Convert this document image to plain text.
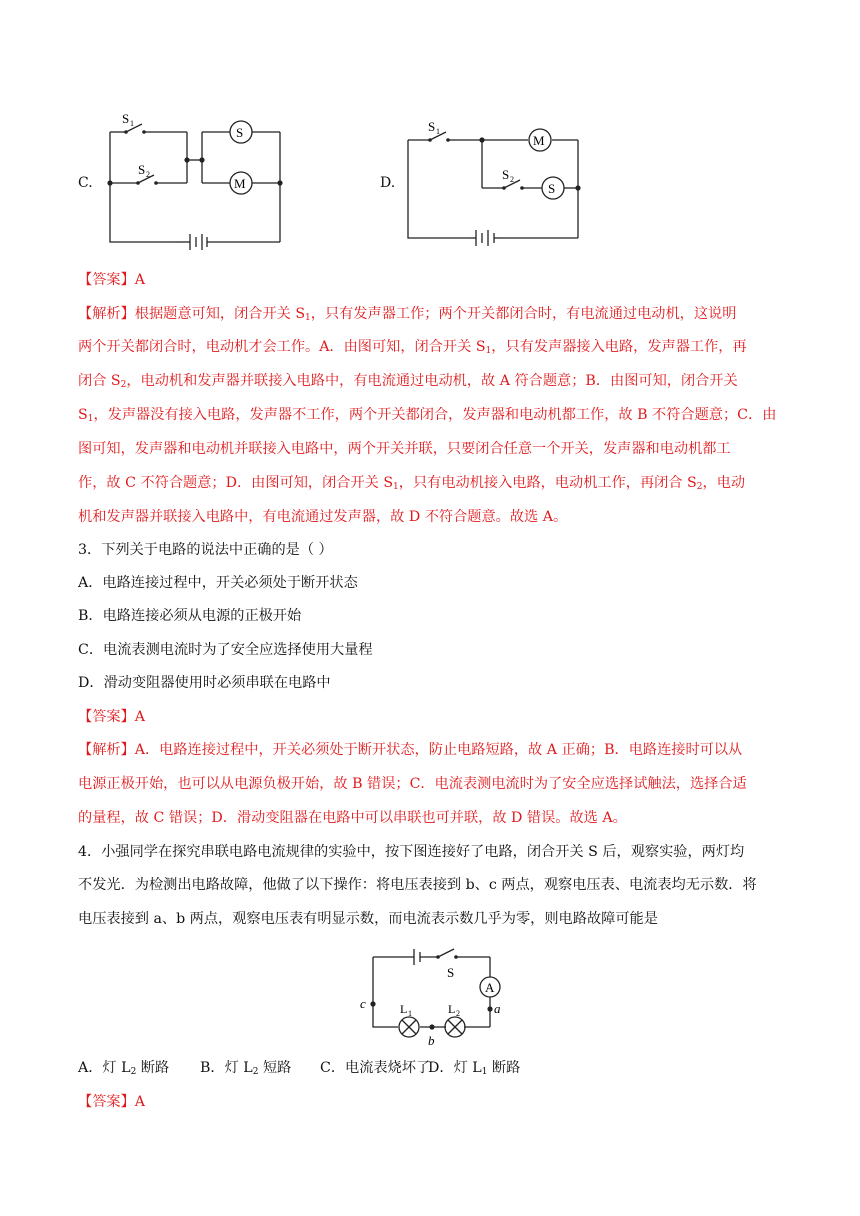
C.
S 1
S 2
S
M	D.
S 1
S 2
M
S
【答案】A
【解析】根据题意可知，闭合开关 $S_1$，只有发声器工作；两个开关都闭合时，有电流通过电动机，这说明
两个开关都闭合时，电动机才会工作。A．由图可知，闭合开关 $S_1$，只有发声器接入电路，发声器工作，再
闭合 $S_2$，电动机和发声器并联接入电路中，有电流通过电动机，故 A 符合题意；B．由图可知，闭合开关
$S_1$，发声器没有接入电路，发声器不工作，两个开关都闭合，发声器和电动机都工作，故 B 不符合题意；C．由
图可知，发声器和电动机并联接入电路中，两个开关并联，只要闭合任意一个开关，发声器和电动机都工
作，故 C 不符合题意；D．由图可知，闭合开关 $S_1$，只有电动机接入电路，电动机工作，再闭合 $S_2$，电动
机和发声器并联接入电路中，有电流通过发声器，故 D 不符合题意。故选 A。
3．下列关于电路的说法中正确的是（ ）
A．电路连接过程中，开关必须处于断开状态
B．电路连接必须从电源的正极开始
C．电流表测电流时为了安全应选择使用大量程
D．滑动变阻器使用时必须串联在电路中
【答案】A
【解析】A．电路连接过程中，开关必须处于断开状态，防止电路短路，故 A 正确；B．电路连接时可以从
电源正极开始，也可以从电源负极开始，故 B 错误；C．电流表测电流时为了安全应选择试触法，选择合适
的量程，故 C 错误；D．滑动变阻器在电路中可以串联也可并联，故 D 错误。故选 A。
4．小强同学在探究串联电路电流规律的实验中，按下图连接好了电路，闭合开关 S 后，观察实验，两灯均
不发光．为检测出电路故障，他做了以下操作：将电压表接到 b、c 两点，观察电压表、电流表均无示数．将
电压表接到 a、b 两点，观察电压表有明显示数，而电流表示数几乎为零，则电路故障可能是
S
A
c	a
b
L 1	L 2
A．灯 $L_2$ 断路 B．灯 $L_2$ 短路 C．电流表烧坏了
D．灯 $L_1$ 断路
【答案】A
